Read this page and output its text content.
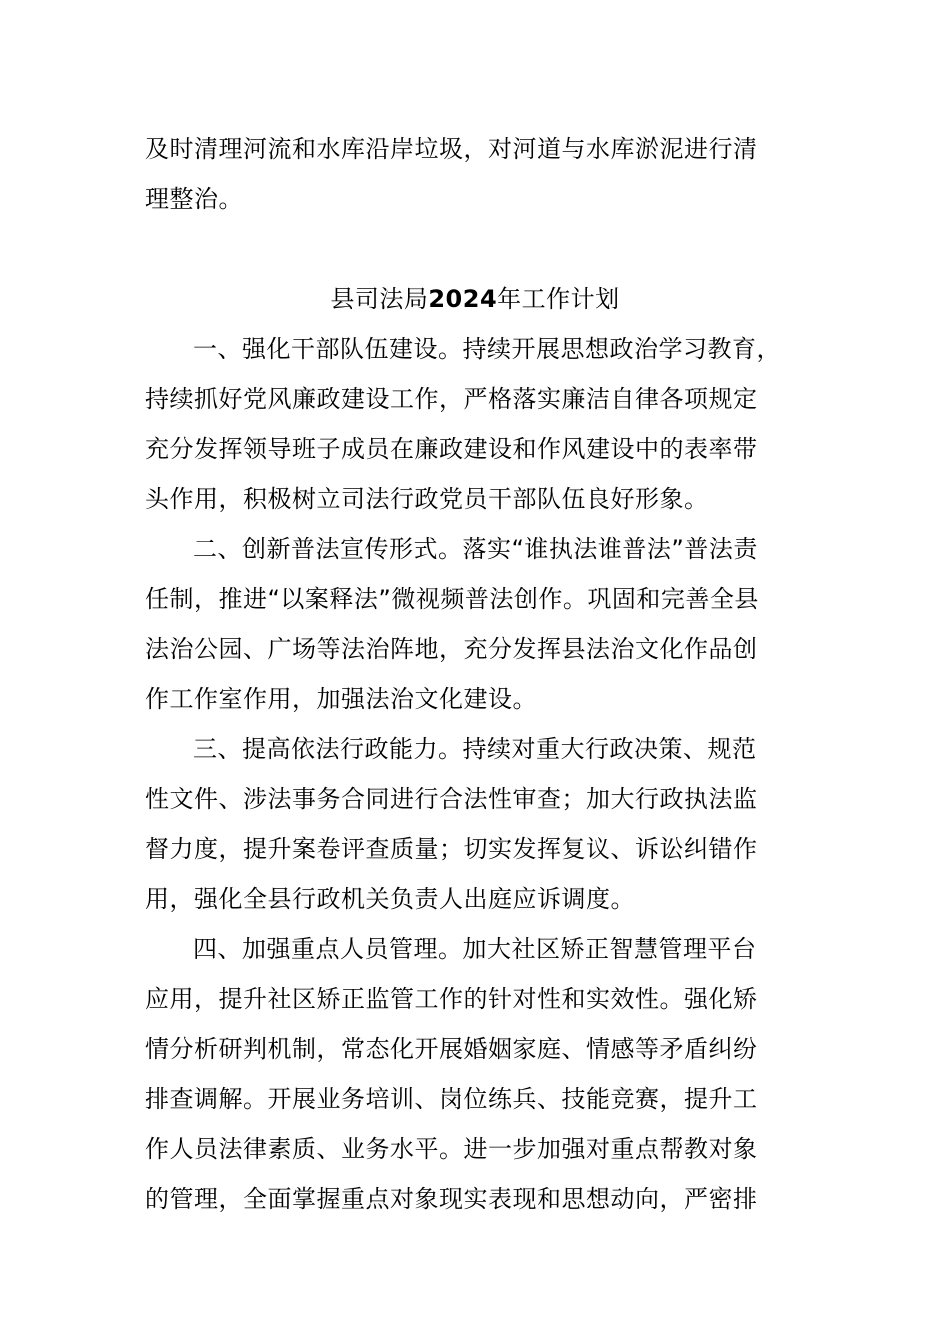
及时清理河流和水库沿岸垃圾，对河道与水库淤泥进行清
理整治。
县司法局2024年工作计划
一、强化干部队伍建设。持续开展思想政治学习教育，
持续抓好党风廉政建设工作，严格落实廉洁自律各项规定
充分发挥领导班子成员在廉政建设和作风建设中的表率带
头作用，积极树立司法行政党员干部队伍良好形象。
二、创新普法宣传形式。落实“谁执法谁普法”普法责
任制，推进“以案释法”微视频普法创作。巩固和完善全县
法治公园、广场等法治阵地，充分发挥县法治文化作品创
作工作室作用，加强法治文化建设。
三、提高依法行政能力。持续对重大行政决策、规范
性文件、涉法事务合同进行合法性审查；加大行政执法监
督力度，提升案卷评查质量；切实发挥复议、诉讼纠错作
用，强化全县行政机关负责人出庭应诉调度。
四、加强重点人员管理。加大社区矫正智慧管理平台
应用，提升社区矫正监管工作的针对性和实效性。强化矫
情分析研判机制，常态化开展婚姻家庭、情感等矛盾纠纷
排查调解。开展业务培训、岗位练兵、技能竞赛，提升工
作人员法律素质、业务水平。进一步加强对重点帮教对象
的管理，全面掌握重点对象现实表现和思想动向，严密排
